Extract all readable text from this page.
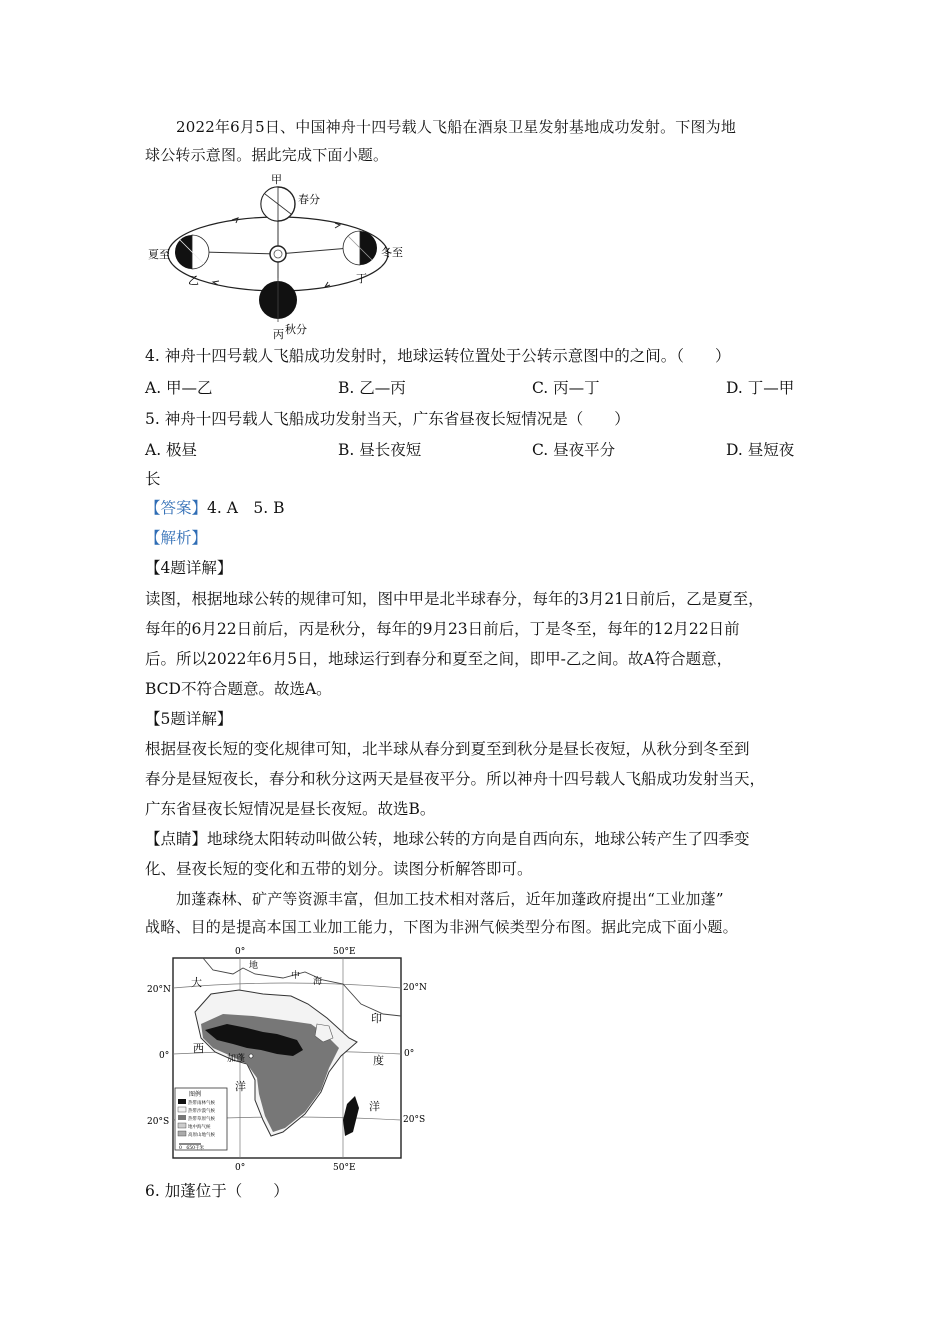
2022年6月5日、中国神舟十四号载人飞船在酒泉卫星发射基地成功发射。下图为地
球公转示意图。据此完成下面小题。
甲
春分
夏至
乙
冬至
丁
秋分
丙
4. 神舟十四号载人飞船成功发射时，地球运转位置处于公转示意图中的之间。（　　）
A. 甲—乙	B. 乙—丙	C. 丙—丁	D. 丁—甲
5. 神舟十四号载人飞船成功发射当天，广东省昼夜长短情况是（　　）
A. 极昼	B. 昼长夜短	C. 昼夜平分	D. 昼短夜
长
【答案】4. A　5. B
【解析】
【4题详解】
读图，根据地球公转的规律可知，图中甲是北半球春分，每年的3月21日前后，乙是夏至，
每年的6月22日前后，丙是秋分，每年的9月23日前后，丁是冬至，每年的12月22日前
后。所以2022年6月5日，地球运行到春分和夏至之间，即甲-乙之间。故A符合题意，
BCD不符合题意。故选A。
【5题详解】
根据昼夜长短的变化规律可知，北半球从春分到夏至到秋分是昼长夜短，从秋分到冬至到
春分是昼短夜长，春分和秋分这两天是昼夜平分。所以神舟十四号载人飞船成功发射当天，
广东省昼夜长短情况是昼长夜短。故选B。
【点睛】地球绕太阳转动叫做公转，地球公转的方向是自西向东，地球公转产生了四季变
化、昼夜长短的变化和五带的划分。读图分析解答即可。
加蓬森林、矿产等资源丰富，但加工技术相对落后，近年加蓬政府提出“工业加蓬”
战略、目的是提高本国工业加工能力，下图为非洲气候类型分布图。据此完成下面小题。
0°	50°E
20°N	20°N
0°	0°
20°S	20°S
0°	50°E
大
西
洋
地
中
海
加蓬
印
度
洋
图例
热带雨林气候
热带沙漠气候
热带草原气候
地中海气候
高原山地气候
0　650千米
6. 加蓬位于（　　）
